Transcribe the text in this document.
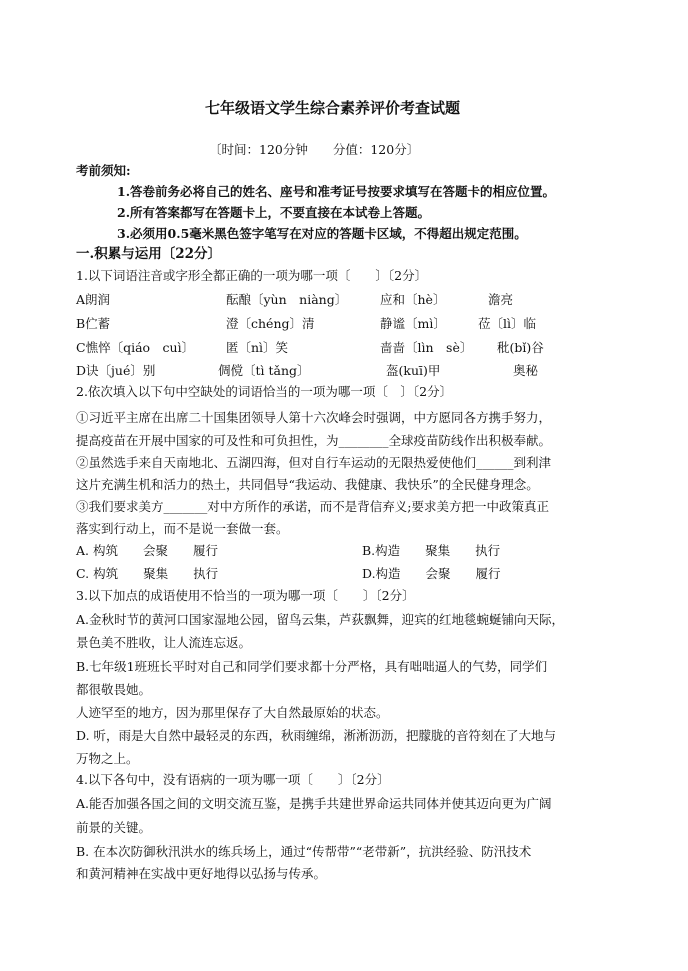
七年级语文学生综合素养评价考查试题
〔时间：120分钟　　分值：120分〕
考前须知:
1.答卷前务必将自己的姓名、座号和准考证号按要求填写在答题卡的相应位置。
2.所有答案都写在答题卡上，不要直接在本试卷上答题。
3.必须用0.5毫米黑色签字笔写在对应的答题卡区域，不得超出规定范围。
一.积累与运用〔22分〕
1.以下词语注音或字形全都正确的一项为哪一项〔　　〕〔2分〕
A朗润	酝酿〔yùn　niàng〕	应和〔hè〕	澹亮
B伫蓄	澄〔chéng〕清	静谧〔mì〕	莅〔lì〕临
C憔悴〔qiáo　cuì〕	匿〔nì〕笑	啬啬〔lìn　sè〕 秕(bǐ)谷
D诀〔jué〕别	倜傥〔tì tǎng〕	盔(kuī)甲	奥秘
2.依次填入以下句中空缺处的词语恰当的一项为哪一项〔　〕〔2分〕
①习近平主席在出席二十国集团领导人第十六次峰会时强调，中方愿同各方携手努力，
提高疫苗在开展中国家的可及性和可负担性，为________全球疫苗防线作出积极奉献。
②虽然选手来自天南地北、五湖四海，但对自行车运动的无限热爱使他们______到利津
这片充满生机和活力的热土，共同倡导“我运动、我健康、我快乐”的全民健身理念。
③我们要求美方_______对中方所作的承诺，而不是背信弃义;要求美方把一中政策真正
落实到行动上，而不是说一套做一套。
A. 构筑　　会聚　　履行	B.构造　　聚集　　执行
C. 构筑　　聚集　　执行	D.构造　　会聚　　履行
3.以下加点的成语使用不恰当的一项为哪一项〔　　〕〔2分〕
A.金秋时节的黄河口国家湿地公园，留鸟云集，芦荻飘舞，迎宾的红地毯蜿蜒铺向天际，
景色美不胜收，让人流连忘返。
B.七年级1班班长平时对自己和同学们要求都十分严格，具有咄咄逼人的气势，同学们
都很敬畏她。
人迹罕至的地方，因为那里保存了大自然最原始的状态。
D. 听，雨是大自然中最轻灵的东西，秋雨缠绵，淅淅沥沥，把朦胧的音符刻在了大地与
万物之上。
4.以下各句中，没有语病的一项为哪一项〔　　〕〔2分〕
A.能否加强各国之间的文明交流互鉴，是携手共建世界命运共同体并使其迈向更为广阔
前景的关键。
B. 在本次防御秋汛洪水的练兵场上，通过“传帮带”“老带新”，抗洪经验、防汛技术
和黄河精神在实战中更好地得以弘扬与传承。
